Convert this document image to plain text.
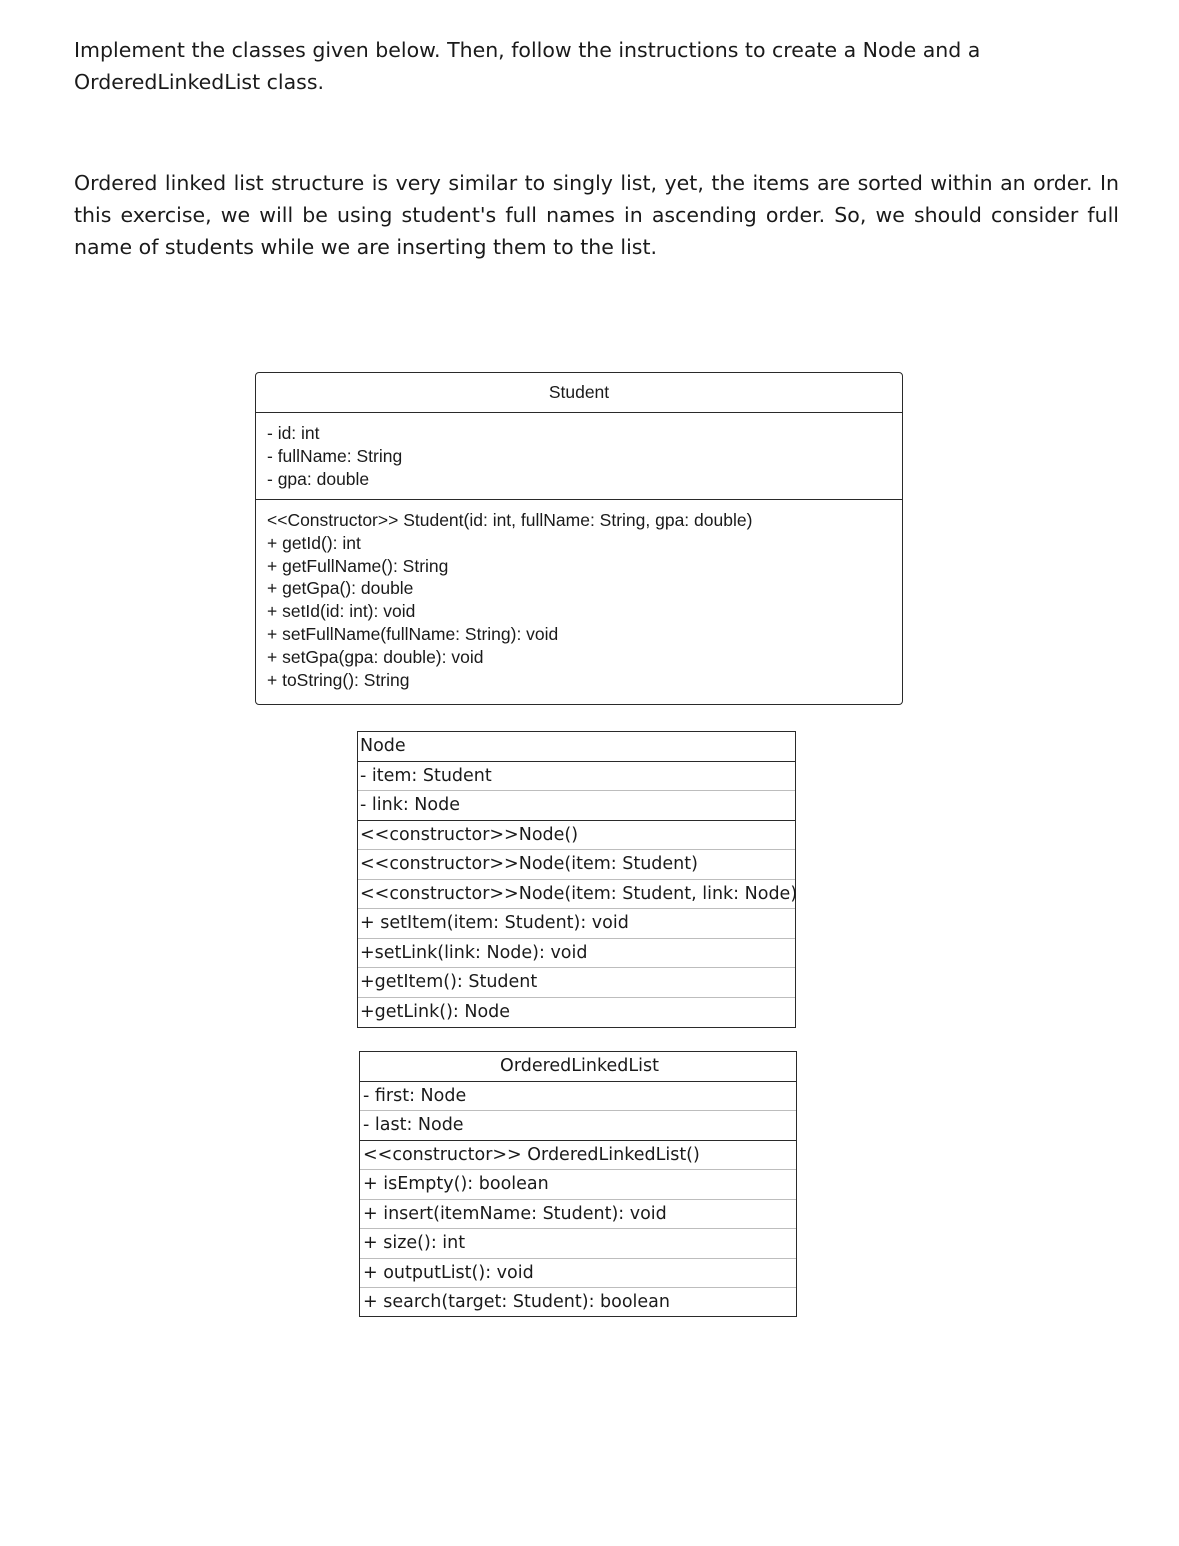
Implement the classes given below. Then, follow the instructions to create a Node and a
OrderedLinkedList class.

Ordered linked list structure is very similar to singly list, yet, the items are sorted within an order. In this exercise, we will be using student's full names in ascending order. So, we should consider full name of students while we are inserting them to the list.

Student
- id: int
- fullName: String
- gpa: double
<<Constructor>> Student(id: int, fullName: String, gpa: double)
+ getId(): int
+ getFullName(): String
+ getGpa(): double
+ setId(id: int): void
+ setFullName(fullName: String): void
+ setGpa(gpa: double): void
+ toString(): String
Node
- item: Student
- link: Node
<<constructor>>Node()
<<constructor>>Node(item: Student)
<<constructor>>Node(item: Student, link: Node)
+ setItem(item: Student): void
+setLink(link: Node): void
+getItem(): Student
+getLink(): Node
OrderedLinkedList
- first: Node
- last: Node
<<constructor>> OrderedLinkedList()
+ isEmpty(): boolean
+ insert(itemName: Student): void
+ size(): int
+ outputList(): void
+ search(target: Student): boolean
